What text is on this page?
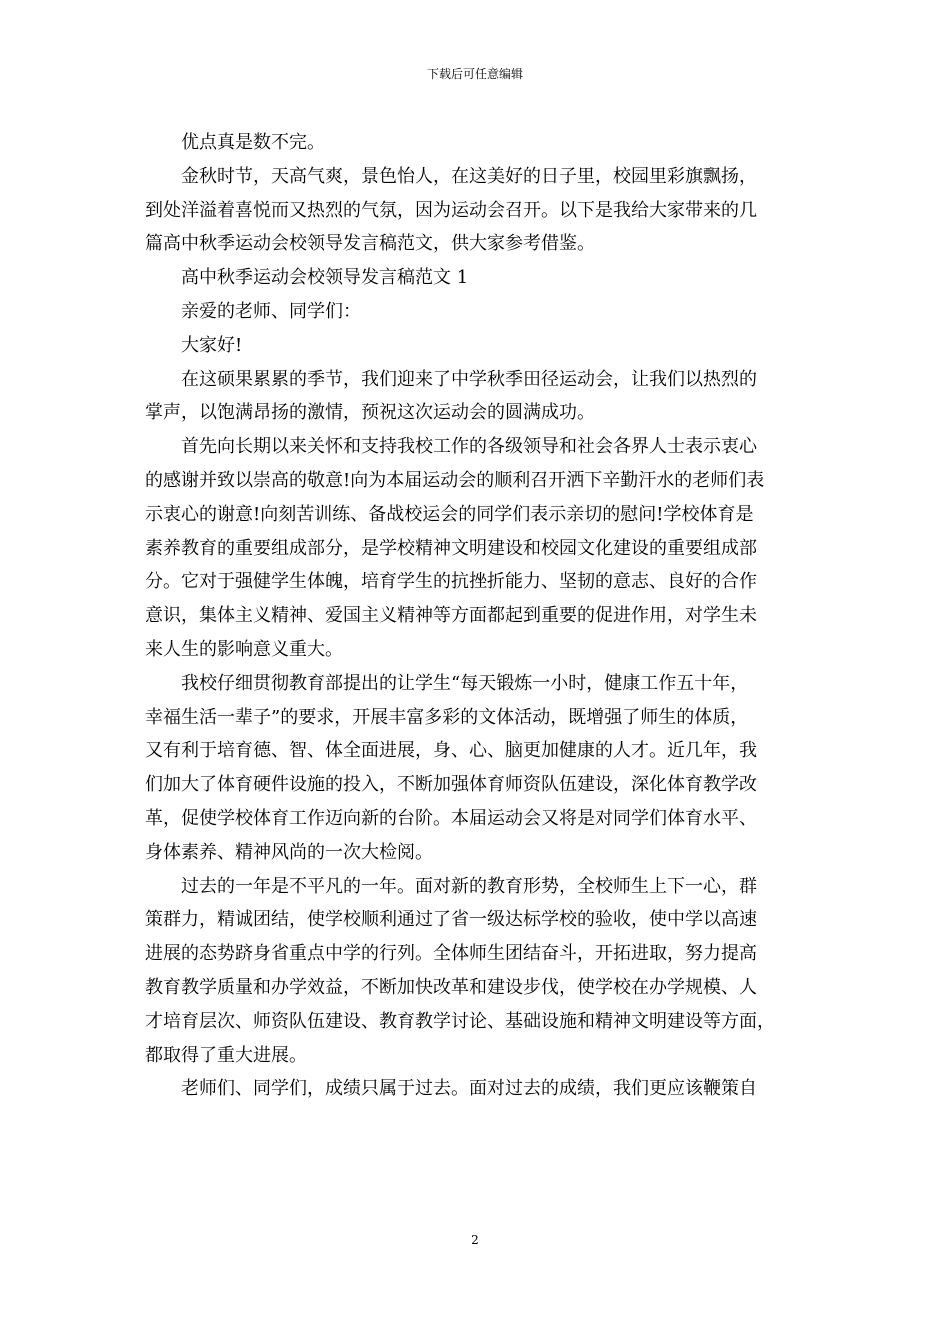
下载后可任意编辑

　　优点真是数不完。

金秋时节，天高气爽，景色怡人，在这美好的日子里，校园里彩旗飘扬，
到处洋溢着喜悦而又热烈的气氛，因为运动会召开。以下是我给大家带来的几
篇高中秋季运动会校领导发言稿范文，供大家参考借鉴。

高中秋季运动会校领导发言稿范文 1

亲爱的老师、同学们：

大家好!

在这硕果累累的季节，我们迎来了中学秋季田径运动会，让我们以热烈的
掌声，以饱满昂扬的激情，预祝这次运动会的圆满成功。

首先向长期以来关怀和支持我校工作的各级领导和社会各界人士表示衷心
的感谢并致以崇高的敬意!向为本届运动会的顺利召开洒下辛勤汗水的老师们表
示衷心的谢意!向刻苦训练、备战校运会的同学们表示亲切的慰问!学校体育是
素养教育的重要组成部分，是学校精神文明建设和校园文化建设的重要组成部
分。它对于强健学生体魄，培育学生的抗挫折能力、坚韧的意志、良好的合作
意识，集体主义精神、爱国主义精神等方面都起到重要的促进作用，对学生未
来人生的影响意义重大。

我校仔细贯彻教育部提出的让学生“每天锻炼一小时，健康工作五十年，
幸福生活一辈子”的要求，开展丰富多彩的文体活动，既增强了师生的体质，
又有利于培育德、智、体全面进展，身、心、脑更加健康的人才。近几年，我
们加大了体育硬件设施的投入，不断加强体育师资队伍建设，深化体育教学改
革，促使学校体育工作迈向新的台阶。本届运动会又将是对同学们体育水平、
身体素养、精神风尚的一次大检阅。

过去的一年是不平凡的一年。面对新的教育形势，全校师生上下一心，群
策群力，精诚团结，使学校顺利通过了省一级达标学校的验收，使中学以高速
进展的态势跻身省重点中学的行列。全体师生团结奋斗，开拓进取，努力提高
教育教学质量和办学效益，不断加快改革和建设步伐，使学校在办学规模、人
才培育层次、师资队伍建设、教育教学讨论、基础设施和精神文明建设等方面，
都取得了重大进展。

老师们、同学们，成绩只属于过去。面对过去的成绩，我们更应该鞭策自

2
